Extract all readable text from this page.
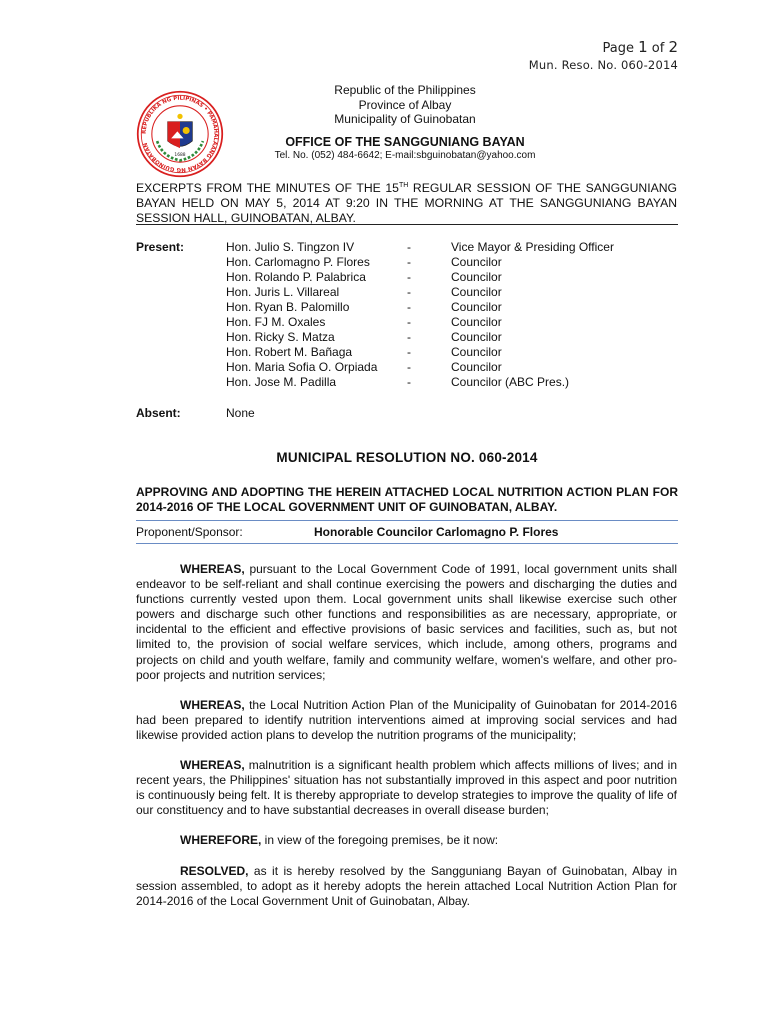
Page 1 of 2
Mun. Reso. No. 060-2014
REPUBLIKA NG PILIPINAS • PAMAHALAANG BAYAN NG GUINOBATAN
1688
Republic of the Philippines
Province of Albay
Municipality of Guinobatan
OFFICE OF THE SANGGUNIANG BAYAN
Tel. No. (052) 484-6642; E-mail:sbguinobatan@yahoo.com
EXCERPTS FROM THE MINUTES OF THE 15TH REGULAR SESSION OF THE SANGGUNIANG BAYAN HELD ON MAY 5, 2014 AT 9:20 IN THE MORNING AT THE SANGGUNIANG BAYAN SESSION HALL, GUINOBATAN, ALBAY.
Present:	Hon. Julio S. Tingzon IV	-	Vice Mayor & Presiding Officer
Hon. Carlomagno P. Flores	-	Councilor
Hon. Rolando P. Palabrica	-	Councilor
Hon. Juris L. Villareal	-	Councilor
Hon. Ryan B. Palomillo	-	Councilor
Hon. FJ M. Oxales	-	Councilor
Hon. Ricky S. Matza	-	Councilor
Hon. Robert M. Bañaga	-	Councilor
Hon. Maria Sofia O. Orpiada -	Councilor
Hon. Jose M. Padilla	-	Councilor (ABC Pres.)
Absent:	None
MUNICIPAL RESOLUTION NO. 060-2014
APPROVING AND ADOPTING THE HEREIN ATTACHED LOCAL NUTRITION ACTION PLAN FOR 2014-2016 OF THE LOCAL GOVERNMENT UNIT OF GUINOBATAN, ALBAY.
Proponent/Sponsor:	Honorable Councilor Carlomagno P. Flores

WHEREAS, pursuant to the Local Government Code of 1991, local government units shall endeavor to be self-reliant and shall continue exercising the powers and discharging the duties and functions currently vested upon them. Local government units shall likewise exercise such other powers and discharge such other functions and responsibilities as are necessary, appropriate, or incidental to the efficient and effective provisions of basic services and facilities, such as, but not limited to, the provision of social welfare services, which include, among others, programs and projects on child and youth welfare, family and community welfare, women's welfare, and other pro-poor projects and nutrition services;

WHEREAS, the Local Nutrition Action Plan of the Municipality of Guinobatan for 2014-2016 had been prepared to identify nutrition interventions aimed at improving social services and had likewise provided action plans to develop the nutrition programs of the municipality;

WHEREAS, malnutrition is a significant health problem which affects millions of lives; and in recent years, the Philippines' situation has not substantially improved in this aspect and poor nutrition is continuously being felt. It is thereby appropriate to develop strategies to improve the quality of life of our constituency and to have substantial decreases in overall disease burden;

WHEREFORE, in view of the foregoing premises, be it now:

RESOLVED, as it is hereby resolved by the Sangguniang Bayan of Guinobatan, Albay in session assembled, to adopt as it hereby adopts the herein attached Local Nutrition Action Plan for 2014-2016 of the Local Government Unit of Guinobatan, Albay.
